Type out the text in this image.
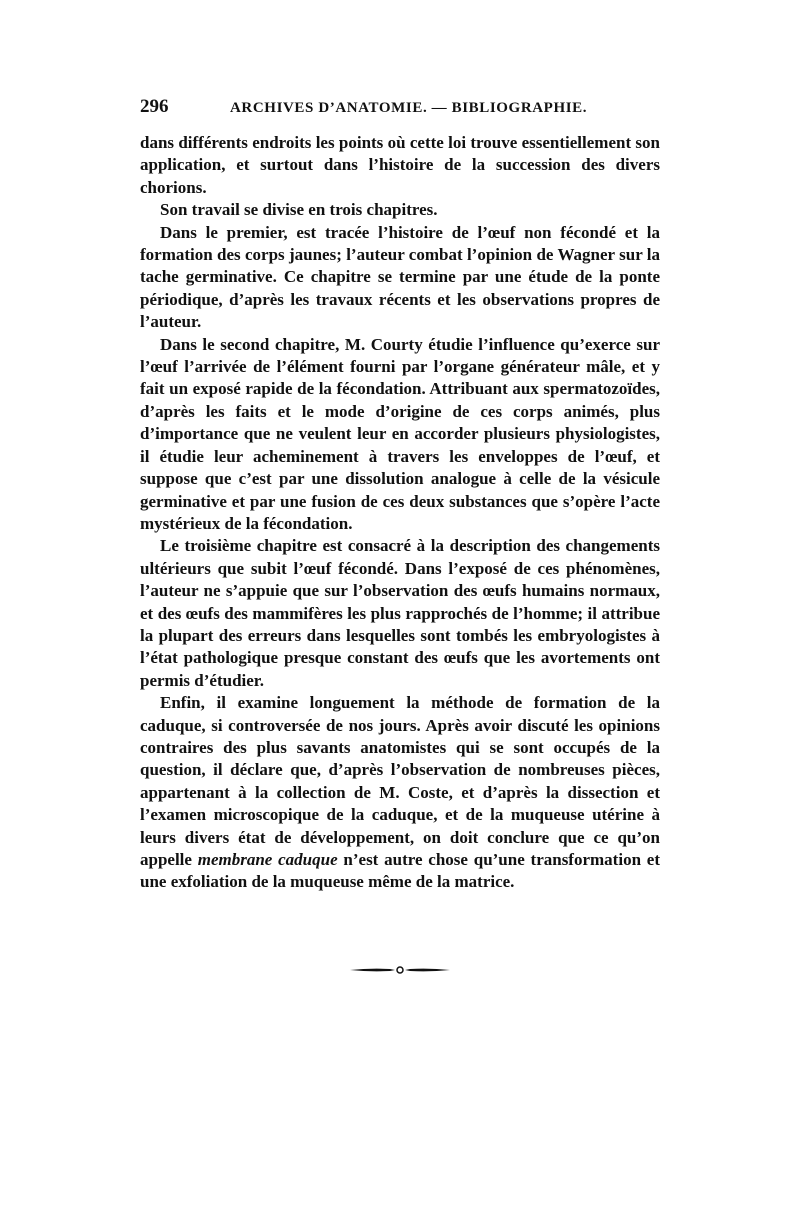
296	ARCHIVES D’ANATOMIE. — BIBLIOGRAPHIE.

dans différents endroits les points où cette loi trouve essentiellement son application, et surtout dans l’histoire de la succession des divers chorions.

Son travail se divise en trois chapitres.

Dans le premier, est tracée l’histoire de l’œuf non fécondé et la formation des corps jaunes; l’auteur combat l’opinion de Wagner sur la tache germinative. Ce chapitre se termine par une étude de la ponte périodique, d’après les travaux récents et les observations propres de l’auteur.

Dans le second chapitre, M. Courty étudie l’influence qu’exerce sur l’œuf l’arrivée de l’élément fourni par l’organe générateur mâle, et y fait un exposé rapide de la fécondation. Attribuant aux spermatozoïdes, d’après les faits et le mode d’origine de ces corps animés, plus d’importance que ne veulent leur en accorder plusieurs physiologistes, il étudie leur acheminement à travers les enveloppes de l’œuf, et suppose que c’est par une dissolution analogue à celle de la vésicule germinative et par une fusion de ces deux substances que s’opère l’acte mystérieux de la fécondation.

Le troisième chapitre est consacré à la description des changements ultérieurs que subit l’œuf fécondé. Dans l’exposé de ces phénomènes, l’auteur ne s’appuie que sur l’observation des œufs humains normaux, et des œufs des mammifères les plus rapprochés de l’homme; il attribue la plupart des erreurs dans lesquelles sont tombés les embryologistes à l’état pathologique presque constant des œufs que les avortements ont permis d’étudier.

Enfin, il examine longuement la méthode de formation de la caduque, si controversée de nos jours. Après avoir discuté les opinions contraires des plus savants anatomistes qui se sont occupés de la question, il déclare que, d’après l’observation de nombreuses pièces, appartenant à la collection de M. Coste, et d’après la dissection et l’examen microscopique de la caduque, et de la muqueuse utérine à leurs divers état de développement, on doit conclure que ce qu’on appelle membrane caduque n’est autre chose qu’une transformation et une exfoliation de la muqueuse même de la matrice.
